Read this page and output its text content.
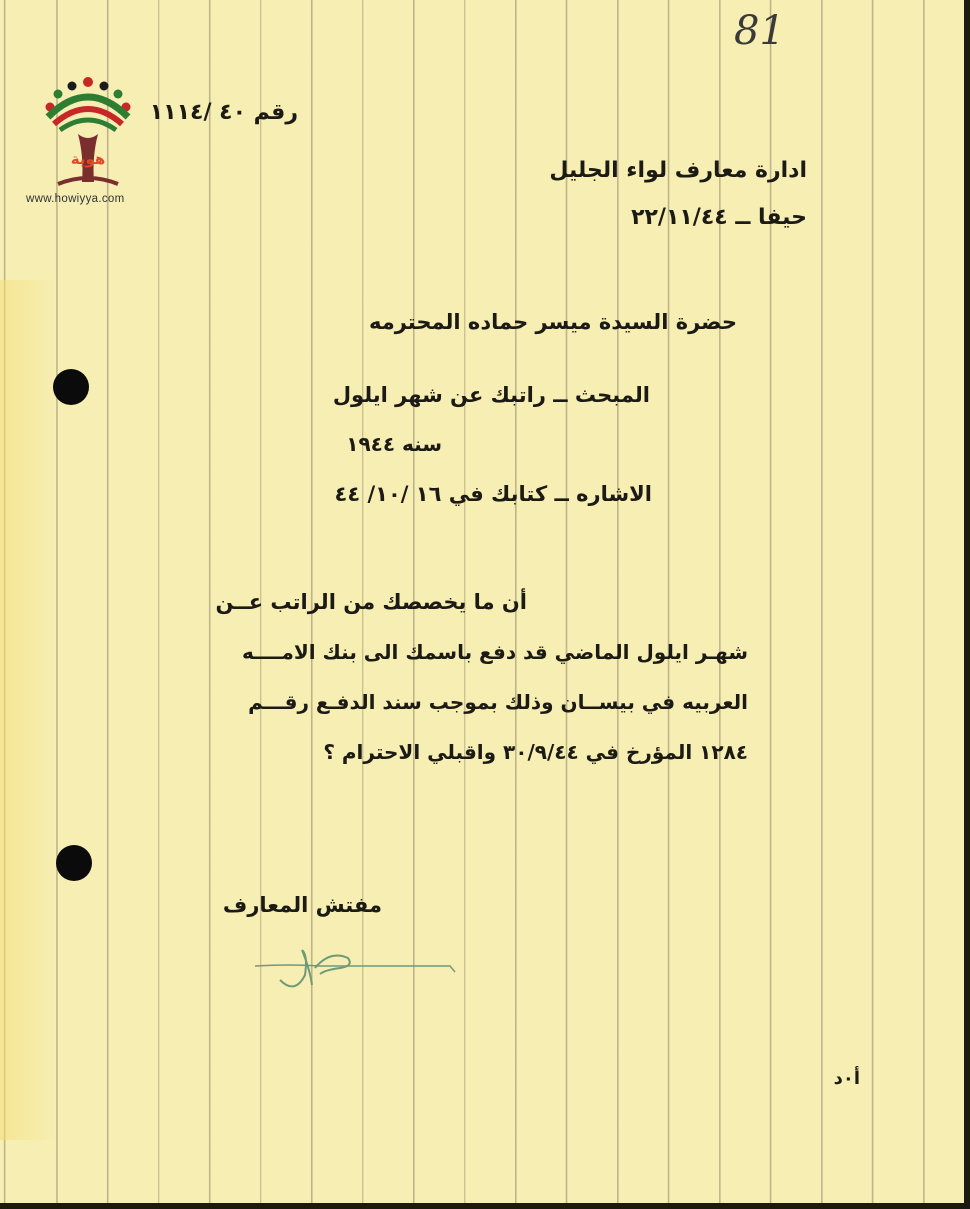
81
هوية
www.howiyya.com
رقم ٤٠ /١١١٤
ادارة معارف لواء الجليل
حيفا ــ ٢٢/١١/٤٤
حضرة السيدة ميسر حماده المحترمه
المبحث ــ راتبك عن شهر ايلول
سنه ١٩٤٤
الاشاره ــ كتابك في ١٦ /١٠/ ٤٤
أن ما يخصصك من الراتب عــن
شهـر ايلول الماضي قد دفع باسمك الى بنك الامــــه
العربيه في بيســان وذلك بموجب سند الدفـع رقـــم
١٢٨٤ المؤرخ في ٣٠/٩/٤٤ واقبلي الاحترام ؟
مفتش المعارف
أ٠د
